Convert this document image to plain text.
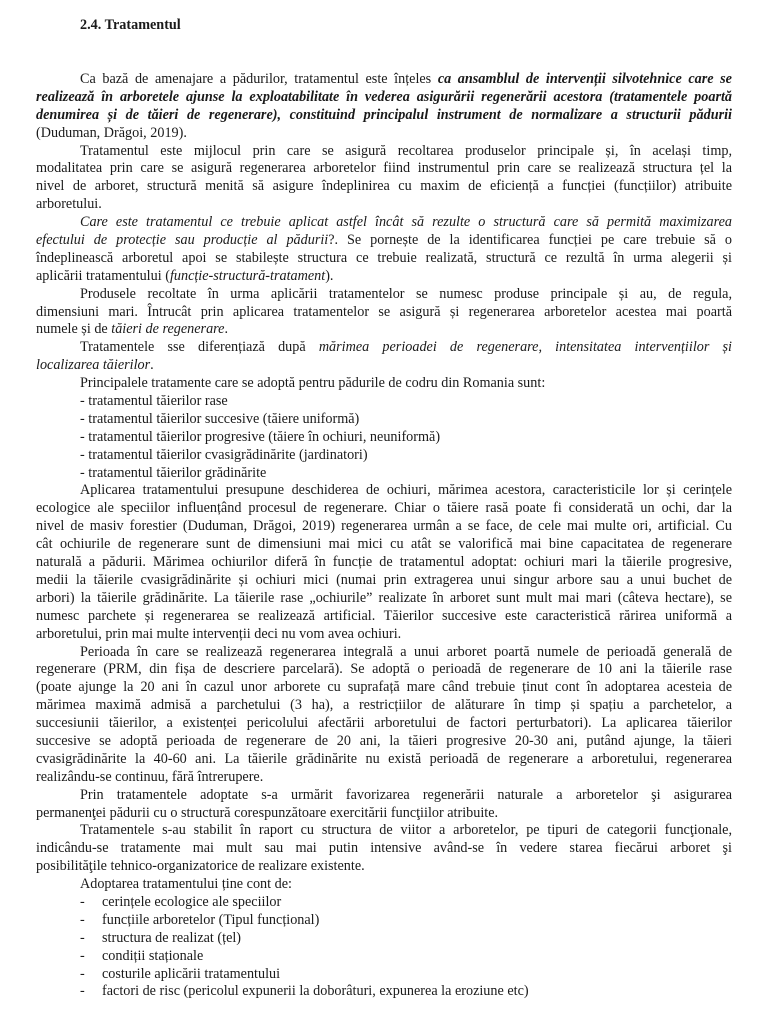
2.4. Tratamentul
Ca bază de amenajare a pădurilor, tratamentul este înțeles ca ansamblul de intervenții silvotehnice care se
realizează în arboretele ajunse la exploatabilitate în vederea asigurării regenerării acestora (tratamentele poartă
denumirea și de tăieri de regenerare), constituind principalul instrument de normalizare a structurii pădurii
(Duduman, Drăgoi, 2019).
Tratamentul este mijlocul prin care se asigură recoltarea produselor principale și, în același timp,
modalitatea prin care se asigură regenerarea arboretelor fiind instrumentul prin care se realizează structura țel la
nivel de arboret, structură menită să asigure îndeplinirea cu maxim de eficiență a funcției (funcțiilor) atribuite
arboretului.
Care este tratamentul ce trebuie aplicat astfel încât să rezulte o structură care să permită maximizarea
efectului de protecție sau producție al pădurii?. Se pornește de la identificarea funcției pe care trebuie să o
îndeplinească arboretul apoi se stabilește structura ce trebuie realizată, structură ce rezultă în urma alegerii și
aplicării tratamentului (funcție-structură-tratament).
Produsele recoltate în urma aplicării tratamentelor se numesc produse principale și au, de regula,
dimensiuni mari. Întrucât prin aplicarea tratamentelor se asigură și regenerarea arboretelor acestea mai poartă
numele și de tăieri de regenerare.
Tratamentele sse diferențiază după mărimea perioadei de regenerare, intensitatea intervențiilor și
localizarea tăierilor.
Principalele tratamente care se adoptă pentru pădurile de codru din Romania sunt:
- tratamentul tăierilor rase
- tratamentul tăierilor succesive (tăiere uniformă)
- tratamentul tăierilor progresive (tăiere în ochiuri, neuniformă)
- tratamentul tăierilor cvasigrădinărite (jardinatori)
- tratamentul tăierilor grădinărite
Aplicarea tratamentului presupune deschiderea de ochiuri, mărimea acestora, caracteristicile lor și cerințele
ecologice ale speciilor influențând procesul de regenerare. Chiar o tăiere rasă poate fi considerată un ochi, dar la
nivel de masiv forestier (Duduman, Drăgoi, 2019) regenerarea urmân a se face, de cele mai multe ori, artificial. Cu
cât ochiurile de regenerare sunt de dimensiuni mai mici cu atât se valorifică mai bine capacitatea de regenerare
naturală a pădurii. Mărimea ochiurilor diferă în funcție de tratamentul adoptat: ochiuri mari la tăierile progresive,
medii la tăierile cvasigrădinărite și ochiuri mici (numai prin extragerea unui singur arbore sau a unui buchet de
arbori) la tăierile grădinărite. La tăierile rase „ochiurile” realizate în arboret sunt mult mai mari (câteva hectare), se
numesc parchete și regenerarea se realizează artificial. Tăierilor succesive este caracteristică rărirea uniformă a
arboretului, prin mai multe intervenții deci nu vom avea ochiuri.
Perioada în care se realizează regenerarea integrală a unui arboret poartă numele de perioadă generală de
regenerare (PRM, din fișa de descriere parcelară). Se adoptă o perioadă de regenerare de 10 ani la tăierile rase
(poate ajunge la 20 ani în cazul unor arborete cu suprafață mare când trebuie ținut cont în adoptarea acesteia de
mărimea maximă admisă a parchetului (3 ha), a restricțiilor de alăturare în timp și spațiu a parchetelor, a
succesiunii tăierilor, a existenței pericolului afectării arboretului de factori perturbatori). La aplicarea tăierilor
succesive se adoptă perioada de regenerare de 20 ani, la tăieri progresive 20-30 ani, putând ajunge, la tăieri
cvasigrădinărite la 40-60 ani. La tăierile grădinărite nu există perioadă de regenerare a arboretului, regenerarea
realizându-se continuu, fără întrerupere.
Prin tratamentele adoptate s-a urmărit favorizarea regenerării naturale a arboretelor şi asigurarea
permanenţei pădurii cu o structură corespunzătoare exercitării funcţiilor atribuite.
Tratamentele s-au stabilit în raport cu structura de viitor a arboretelor, pe tipuri de categorii funcţionale,
indicându-se tratamente mai mult sau mai putin intensive având-se în vedere starea fiecărui arboret şi
posibilităţile tehnico-organizatorice de realizare existente.
Adoptarea tratamentului ține cont de:
- cerințele ecologice ale speciilor
- funcțiile arboretelor (Tipul funcțional)
- structura de realizat (țel)
- condiții staționale
- costurile aplicării tratamentului
- factori de risc (pericolul expunerii la doborâturi, expunerea la eroziune etc)
